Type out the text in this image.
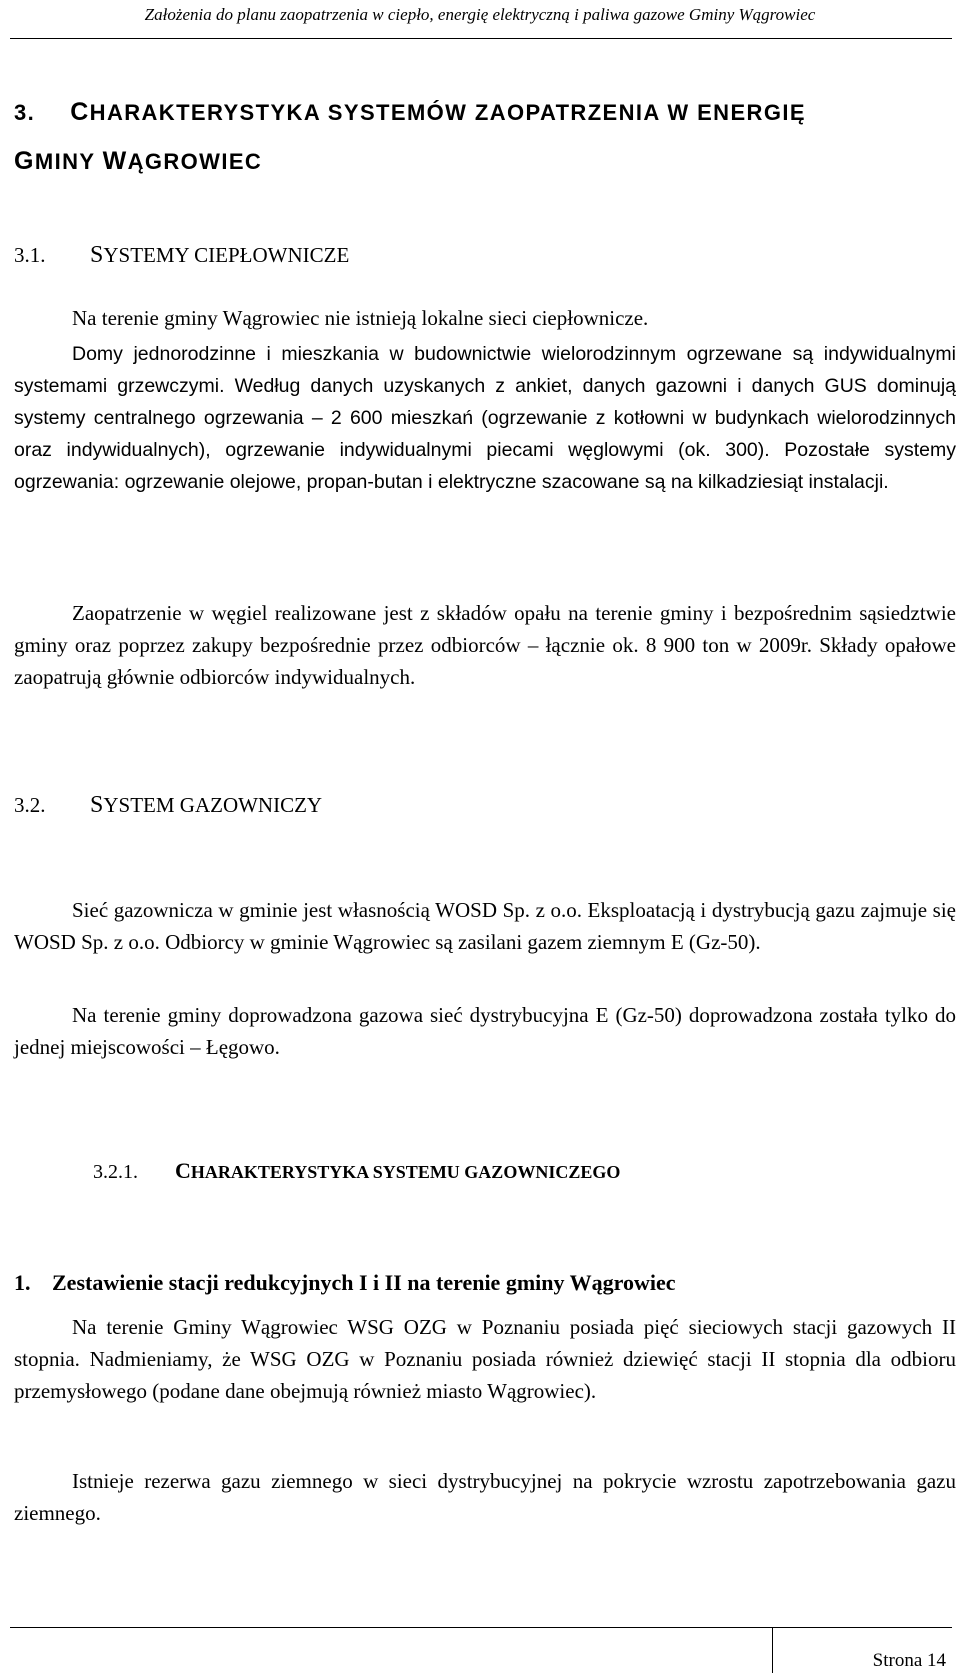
Założenia do planu zaopatrzenia w ciepło, energię elektryczną i paliwa gazowe Gminy Wągrowiec
3. CHARAKTERYSTYKA SYSTEMÓW ZAOPATRZENIA W ENERGIĘ
GMINY WĄGROWIEC
3.1. SYSTEMY CIEPŁOWNICZE
Na terenie gminy Wągrowiec nie istnieją lokalne sieci ciepłownicze.
Domy jednorodzinne i mieszkania w budownictwie wielorodzinnym ogrzewane są indywidualnymi systemami grzewczymi. Według danych uzyskanych z ankiet, danych gazowni i danych GUS dominują systemy centralnego ogrzewania – 2 600 mieszkań (ogrzewanie z kotłowni w budynkach wielorodzinnych oraz indywidualnych), ogrzewanie indywidualnymi piecami węglowymi (ok. 300). Pozostałe systemy ogrzewania: ogrzewanie olejowe, propan-butan i elektryczne szacowane są na kilkadziesiąt instalacji.
Zaopatrzenie w węgiel realizowane jest z składów opału na terenie gminy i bezpośrednim sąsiedztwie gminy oraz poprzez zakupy bezpośrednie przez odbiorców – łącznie ok. 8 900 ton w 2009r. Składy opałowe zaopatrują głównie odbiorców indywidualnych.
3.2. SYSTEM GAZOWNICZY
Sieć gazownicza w gminie jest własnością WOSD Sp. z o.o. Eksploatacją i dystrybucją gazu zajmuje się WOSD Sp. z o.o. Odbiorcy w gminie Wągrowiec są zasilani gazem ziemnym E (Gz-50).
Na terenie gminy doprowadzona gazowa sieć dystrybucyjna E (Gz-50) doprowadzona została tylko do jednej miejscowości – Łęgowo.
3.2.1. CHARAKTERYSTYKA SYSTEMU GAZOWNICZEGO
1. Zestawienie stacji redukcyjnych I i II na terenie gminy Wągrowiec
Na terenie Gminy Wągrowiec WSG OZG w Poznaniu posiada pięć sieciowych stacji gazowych II stopnia. Nadmieniamy, że WSG OZG w Poznaniu posiada również dziewięć stacji II stopnia dla odbioru przemysłowego (podane dane obejmują również miasto Wągrowiec).
Istnieje rezerwa gazu ziemnego w sieci dystrybucyjnej na pokrycie wzrostu zapotrzebowania gazu ziemnego.
Strona 14
